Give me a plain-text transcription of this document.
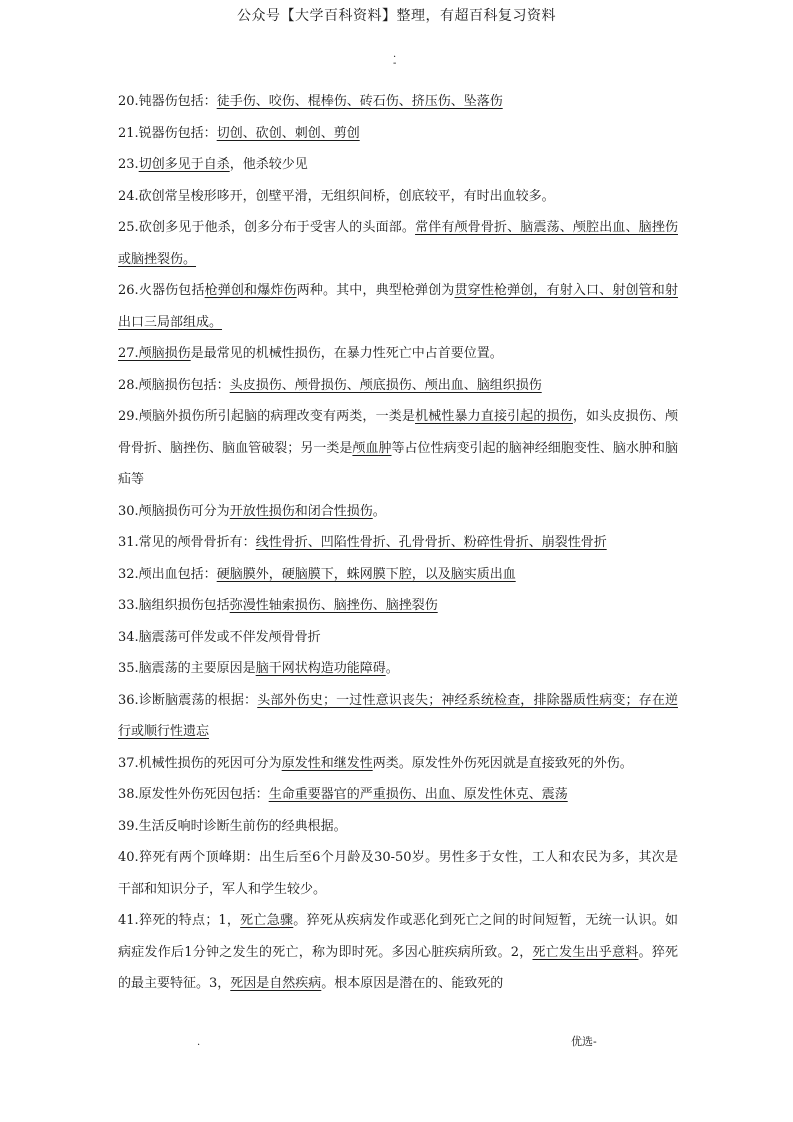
公众号【大学百科资料】整理，有超百科复习资料
.
-

20.钝器伤包括：徒手伤、咬伤、棍棒伤、砖石伤、挤压伤、坠落伤

21.锐器伤包括：切创、砍创、刺创、剪创

23.切创多见于自杀，他杀较少见

24.砍创常呈梭形哆开，创壁平滑，无组织间桥，创底较平，有时出血较多。

25.砍创多见于他杀，创多分布于受害人的头面部。常伴有颅骨骨折、脑震荡、颅腔出血、脑挫伤或脑挫裂伤。

26.火器伤包括枪弹创和爆炸伤两种。其中，典型枪弹创为贯穿性枪弹创，有射入口、射创管和射出口三局部组成。

27.颅脑损伤是最常见的机械性损伤，在暴力性死亡中占首要位置。

28.颅脑损伤包括：头皮损伤、颅骨损伤、颅底损伤、颅出血、脑组织损伤

29.颅脑外损伤所引起脑的病理改变有两类，一类是机械性暴力直接引起的损伤，如头皮损伤、颅骨骨折、脑挫伤、脑血管破裂；另一类是颅血肿等占位性病变引起的脑神经细胞变性、脑水肿和脑疝等

30.颅脑损伤可分为开放性损伤和闭合性损伤。

31.常见的颅骨骨折有：线性骨折、凹陷性骨折、孔骨骨折、粉碎性骨折、崩裂性骨折

32.颅出血包括：硬脑膜外，硬脑膜下，蛛网膜下腔，以及脑实质出血

33.脑组织损伤包括弥漫性轴索损伤、脑挫伤、脑挫裂伤

34.脑震荡可伴发或不伴发颅骨骨折

35.脑震荡的主要原因是脑干网状构造功能障碍。

36.诊断脑震荡的根据：头部外伤史；一过性意识丧失；神经系统检查，排除器质性病变；存在逆行或顺行性遗忘

37.机械性损伤的死因可分为原发性和继发性两类。原发性外伤死因就是直接致死的外伤。

38.原发性外伤死因包括：生命重要器官的严重损伤、出血、原发性休克、震荡

39.生活反响时诊断生前伤的经典根据。

40.猝死有两个顶峰期：出生后至6个月龄及30-50岁。男性多于女性，工人和农民为多，其次是干部和知识分子，军人和学生较少。

41.猝死的特点；1，死亡急骤。猝死从疾病发作或恶化到死亡之间的时间短暂，无统一认识。如病症发作后1分钟之发生的死亡，称为即时死。多因心脏疾病所致。2，死亡发生出乎意料。猝死的最主要特征。3，死因是自然疾病。根本原因是潜在的、能致死的

.	优选-
